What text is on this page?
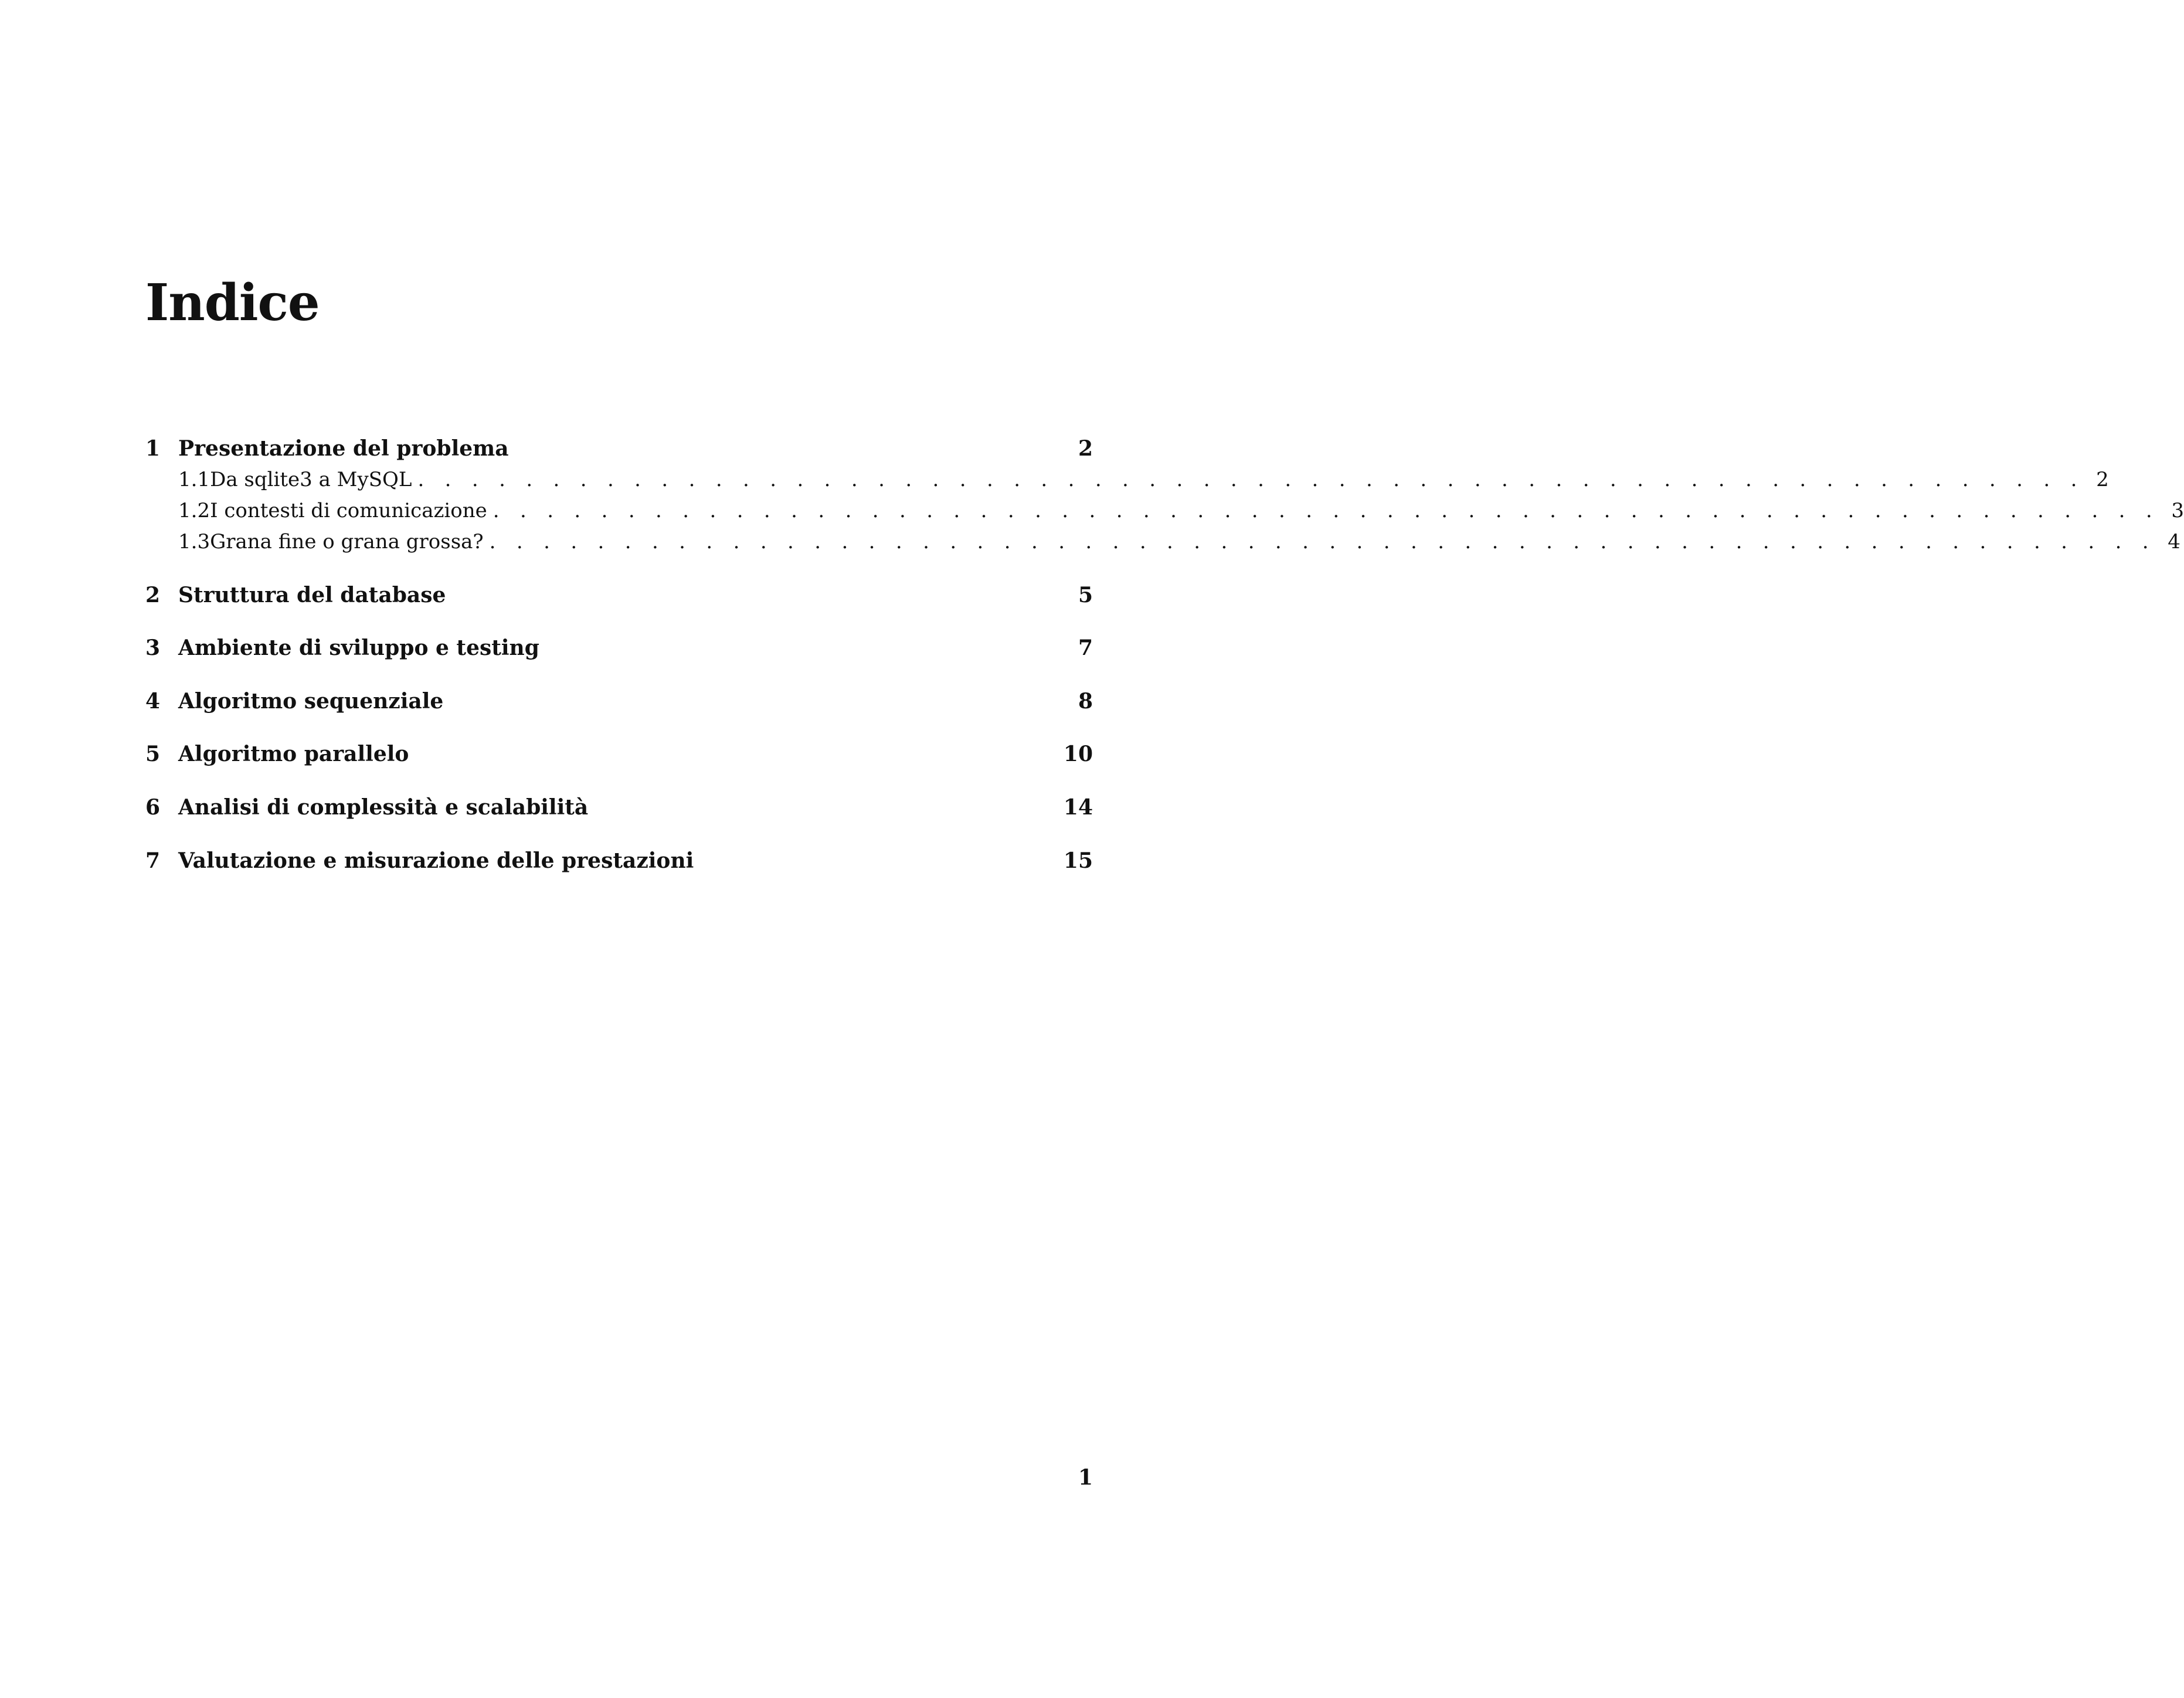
Indice
1 Presentazione del problema	2
1.1 Da sqlite3 a MySQL . . . . . . . . . . . . . . . . . . . . . . . . . . . . . . . . . . . . . . . . . . . . . . . . . . . . . . . . . . . . . . 2
1.2 I contesti di comunicazione . . . . . . . . . . . . . . . . . . . . . . . . . . . . . . . . . . . . . . . . . . . . . . . . . . . . . . . . . . . . . . 3
1.3 Grana fine o grana grossa? . . . . . . . . . . . . . . . . . . . . . . . . . . . . . . . . . . . . . . . . . . . . . . . . . . . . . . . . . . . . . . 4
2 Struttura del database	5
3 Ambiente di sviluppo e testing	7
4 Algoritmo sequenziale	8
5 Algoritmo parallelo	10
6 Analisi di complessità e scalabilità	14
7 Valutazione e misurazione delle prestazioni	15
1
